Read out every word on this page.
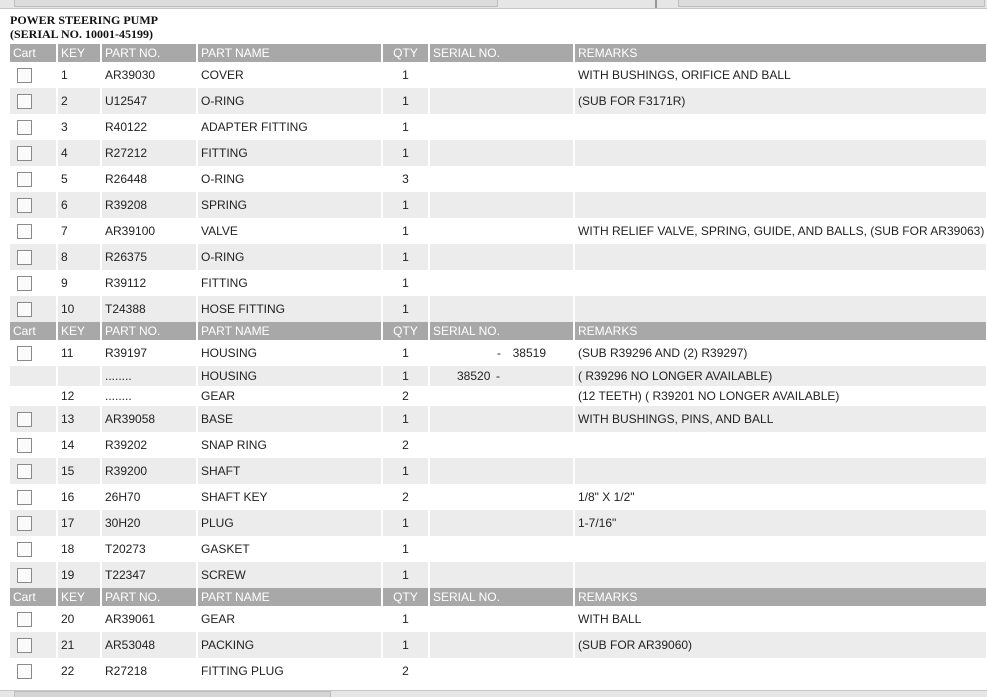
POWER STEERING PUMP
(SERIAL NO. 10001-45199)
Cart	KEY	PART NO.	PART NAME	QTY	SERIAL NO.	REMARKS
	1	AR39030	COVER	1		WITH BUSHINGS, ORIFICE AND BALL
	2	U12547	O-RING	1		(SUB FOR F3171R)
	3	R40122	ADAPTER FITTING	1	

	4	R27212	FITTING	1	

	5	R26448	O-RING	3	

	6	R39208	SPRING	1	

	7	AR39100	VALVE	1		WITH RELIEF VALVE, SPRING, GUIDE, AND BALLS, (SUB FOR AR39063)
	8	R26375	O-RING	1	

	9	R39112	FITTING	1	

	10	T24388	HOSE FITTING	1	

Cart	KEY	PART NO.	PART NAME	QTY	SERIAL NO.	REMARKS
	11	R39197	HOUSING	1	- 38519	(SUB R39296 AND (2) R39297)
		........	HOUSING	1	38520 -	( R39296 NO LONGER AVAILABLE)
	12	........	GEAR	2		(12 TEETH) ( R39201 NO LONGER AVAILABLE)
	13	AR39058	BASE	1		WITH BUSHINGS, PINS, AND BALL
	14	R39202	SNAP RING	2	

	15	R39200	SHAFT	1	

	16	26H70	SHAFT KEY	2		1/8" X 1/2"
	17	30H20	PLUG	1		1-7/16"
	18	T20273	GASKET	1	

	19	T22347	SCREW	1	

Cart	KEY	PART NO.	PART NAME	QTY	SERIAL NO.	REMARKS
	20	AR39061	GEAR	1		WITH BALL
	21	AR53048	PACKING	1		(SUB FOR AR39060)
	22	R27218	FITTING PLUG	2	
